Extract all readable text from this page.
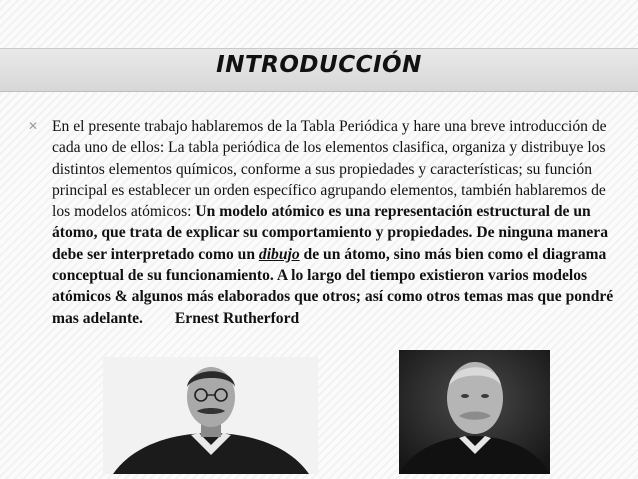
INTRODUCCIÓN
✕ En el presente trabajo hablaremos de la Tabla Periódica y hare una breve introducción de cada uno de ellos: La tabla periódica de los elementos clasifica, organiza y distribuye los distintos elementos químicos, conforme a sus propiedades y características; su función principal es establecer un orden específico agrupando elementos, también hablaremos de los modelos atómicos: Un modelo atómico es una representación estructural de un átomo, que trata de explicar su comportamiento y propiedades. De ninguna manera debe ser interpretado como un dibujo de un átomo, sino más bien como el diagrama conceptual de su funcionamiento. A lo largo del tiempo existieron varios modelos atómicos & algunos más elaborados que otros; así como otros temas mas que pondré mas adelante. Ernest Rutherford
